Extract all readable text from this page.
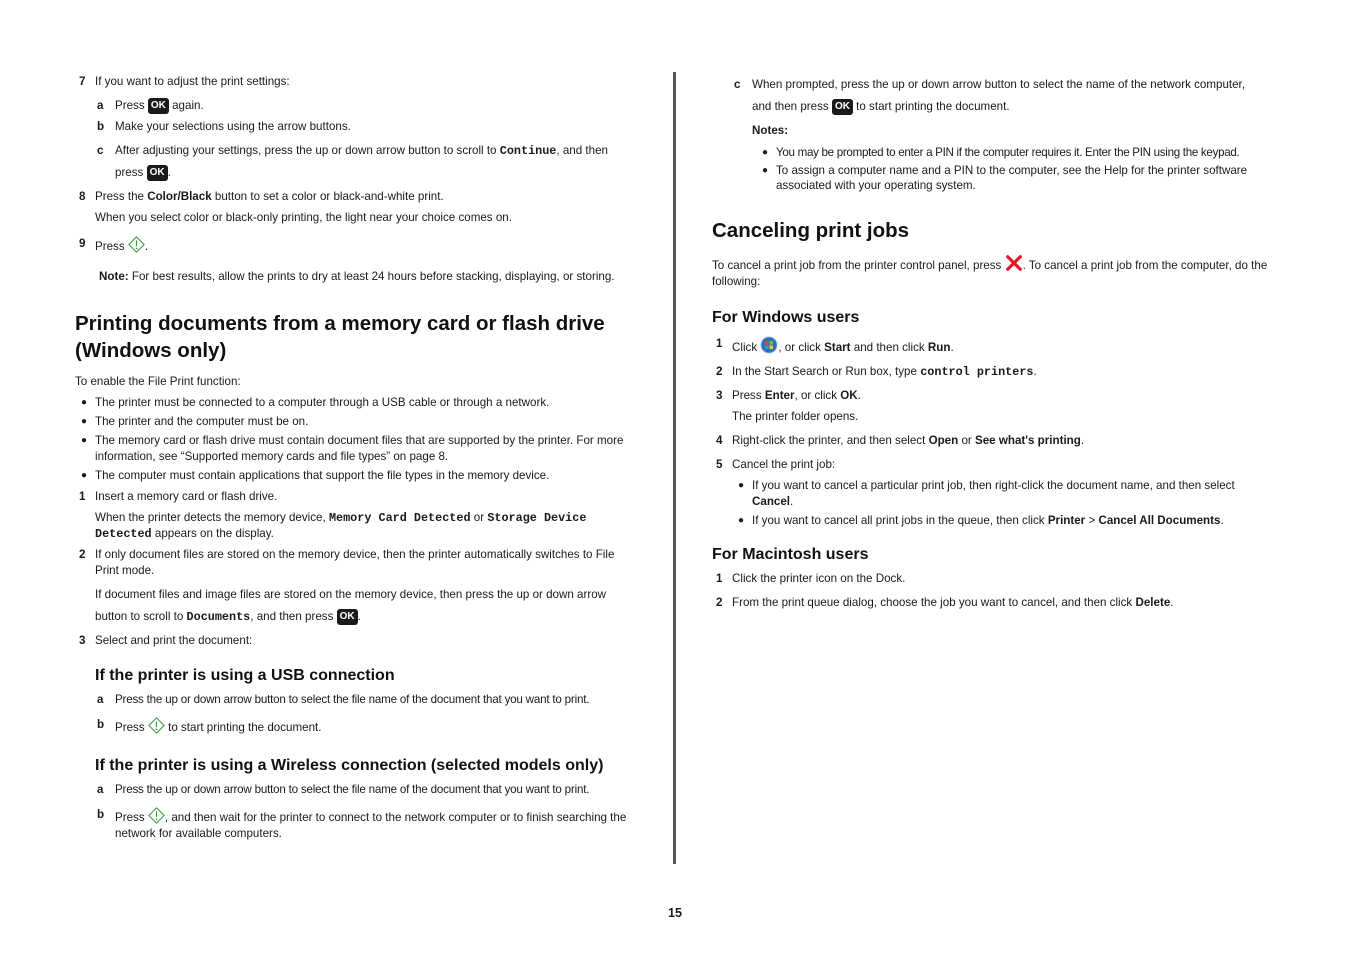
7 If you want to adjust the print settings:
a Press OK again.
b Make your selections using the arrow buttons.
c After adjusting your settings, press the up or down arrow button to scroll to Continue, and then
press OK .
8 Press the Color/Black button to set a color or black-and-white print.
When you select color or black-only printing, the light near your choice comes on.
9 Press .
Note: For best results, allow the prints to dry at least 24 hours before stacking, displaying, or storing.
Printing documents from a memory card or flash drive (Windows only)
To enable the File Print function:
● The printer must be connected to a computer through a USB cable or through a network.
● The printer and the computer must be on.
● The memory card or flash drive must contain document files that are supported by the printer. For more information, see “Supported memory cards and file types” on page 8.
● The computer must contain applications that support the file types in the memory device.
1 Insert a memory card or flash drive.
When the printer detects the memory device, Memory Card Detected or Storage Device
Detected appears on the display.
2 If only document files are stored on the memory device, then the printer automatically switches to File Print mode.
If document files and image files are stored on the memory device, then press the up or down arrow
button to scroll to Documents, and then press OK .
3 Select and print the document:
If the printer is using a USB connection
a Press the up or down arrow button to select the file name of the document that you want to print.
b Press to start printing the document.
If the printer is using a Wireless connection (selected models only)
a Press the up or down arrow button to select the file name of the document that you want to print.
b Press , and then wait for the printer to connect to the network computer or to finish searching the network for available computers.
c When prompted, press the up or down arrow button to select the name of the network computer,
and then press OK to start printing the document.
Notes:
● You may be prompted to enter a PIN if the computer requires it. Enter the PIN using the keypad.
● To assign a computer name and a PIN to the computer, see the Help for the printer software associated with your operating system.
Canceling print jobs
To cancel a print job from the printer control panel, press . To cancel a print job from the computer, do the following:
For Windows users
1 Click , or click Start and then click Run.
2 In the Start Search or Run box, type control printers.
3 Press Enter, or click OK.
The printer folder opens.
4 Right-click the printer, and then select Open or See what's printing.
5 Cancel the print job:
● If you want to cancel a particular print job, then right-click the document name, and then select Cancel.
● If you want to cancel all print jobs in the queue, then click Printer > Cancel All Documents.
For Macintosh users
1 Click the printer icon on the Dock.
2 From the print queue dialog, choose the job you want to cancel, and then click Delete.
15
